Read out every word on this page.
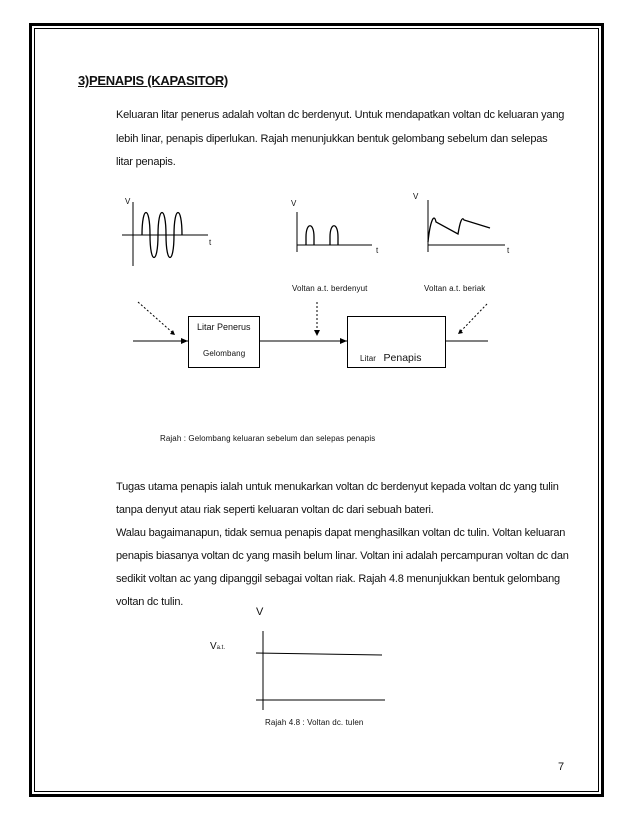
3)PENAPIS (KAPASITOR)
Keluaran litar penerus adalah voltan dc berdenyut. Untuk mendapatkan voltan dc keluaran yang
lebih linar, penapis diperlukan. Rajah menunjukkan bentuk gelombang sebelum dan selepas
litar penapis.
V
t
V
t
Voltan a.t. berdenyut
V
t
Voltan a.t. beriak
Litar Penerus
Gelombang
Litar Penapis
Rajah : Gelombang keluaran sebelum dan selepas penapis
Tugas utama penapis ialah untuk menukarkan voltan dc berdenyut kepada voltan dc yang tulin
tanpa denyut atau riak seperti keluaran voltan dc dari sebuah bateri.
Walau bagaimanapun, tidak semua penapis dapat menghasilkan voltan dc tulin. Voltan keluaran
penapis biasanya voltan dc yang masih belum linar. Voltan ini adalah percampuran voltan dc dan
sedikit voltan ac yang dipanggil sebagai voltan riak. Rajah 4.8 menunjukkan bentuk gelombang
voltan dc tulin.
V
Va.t.
Rajah 4.8 : Voltan dc. tulen
7
